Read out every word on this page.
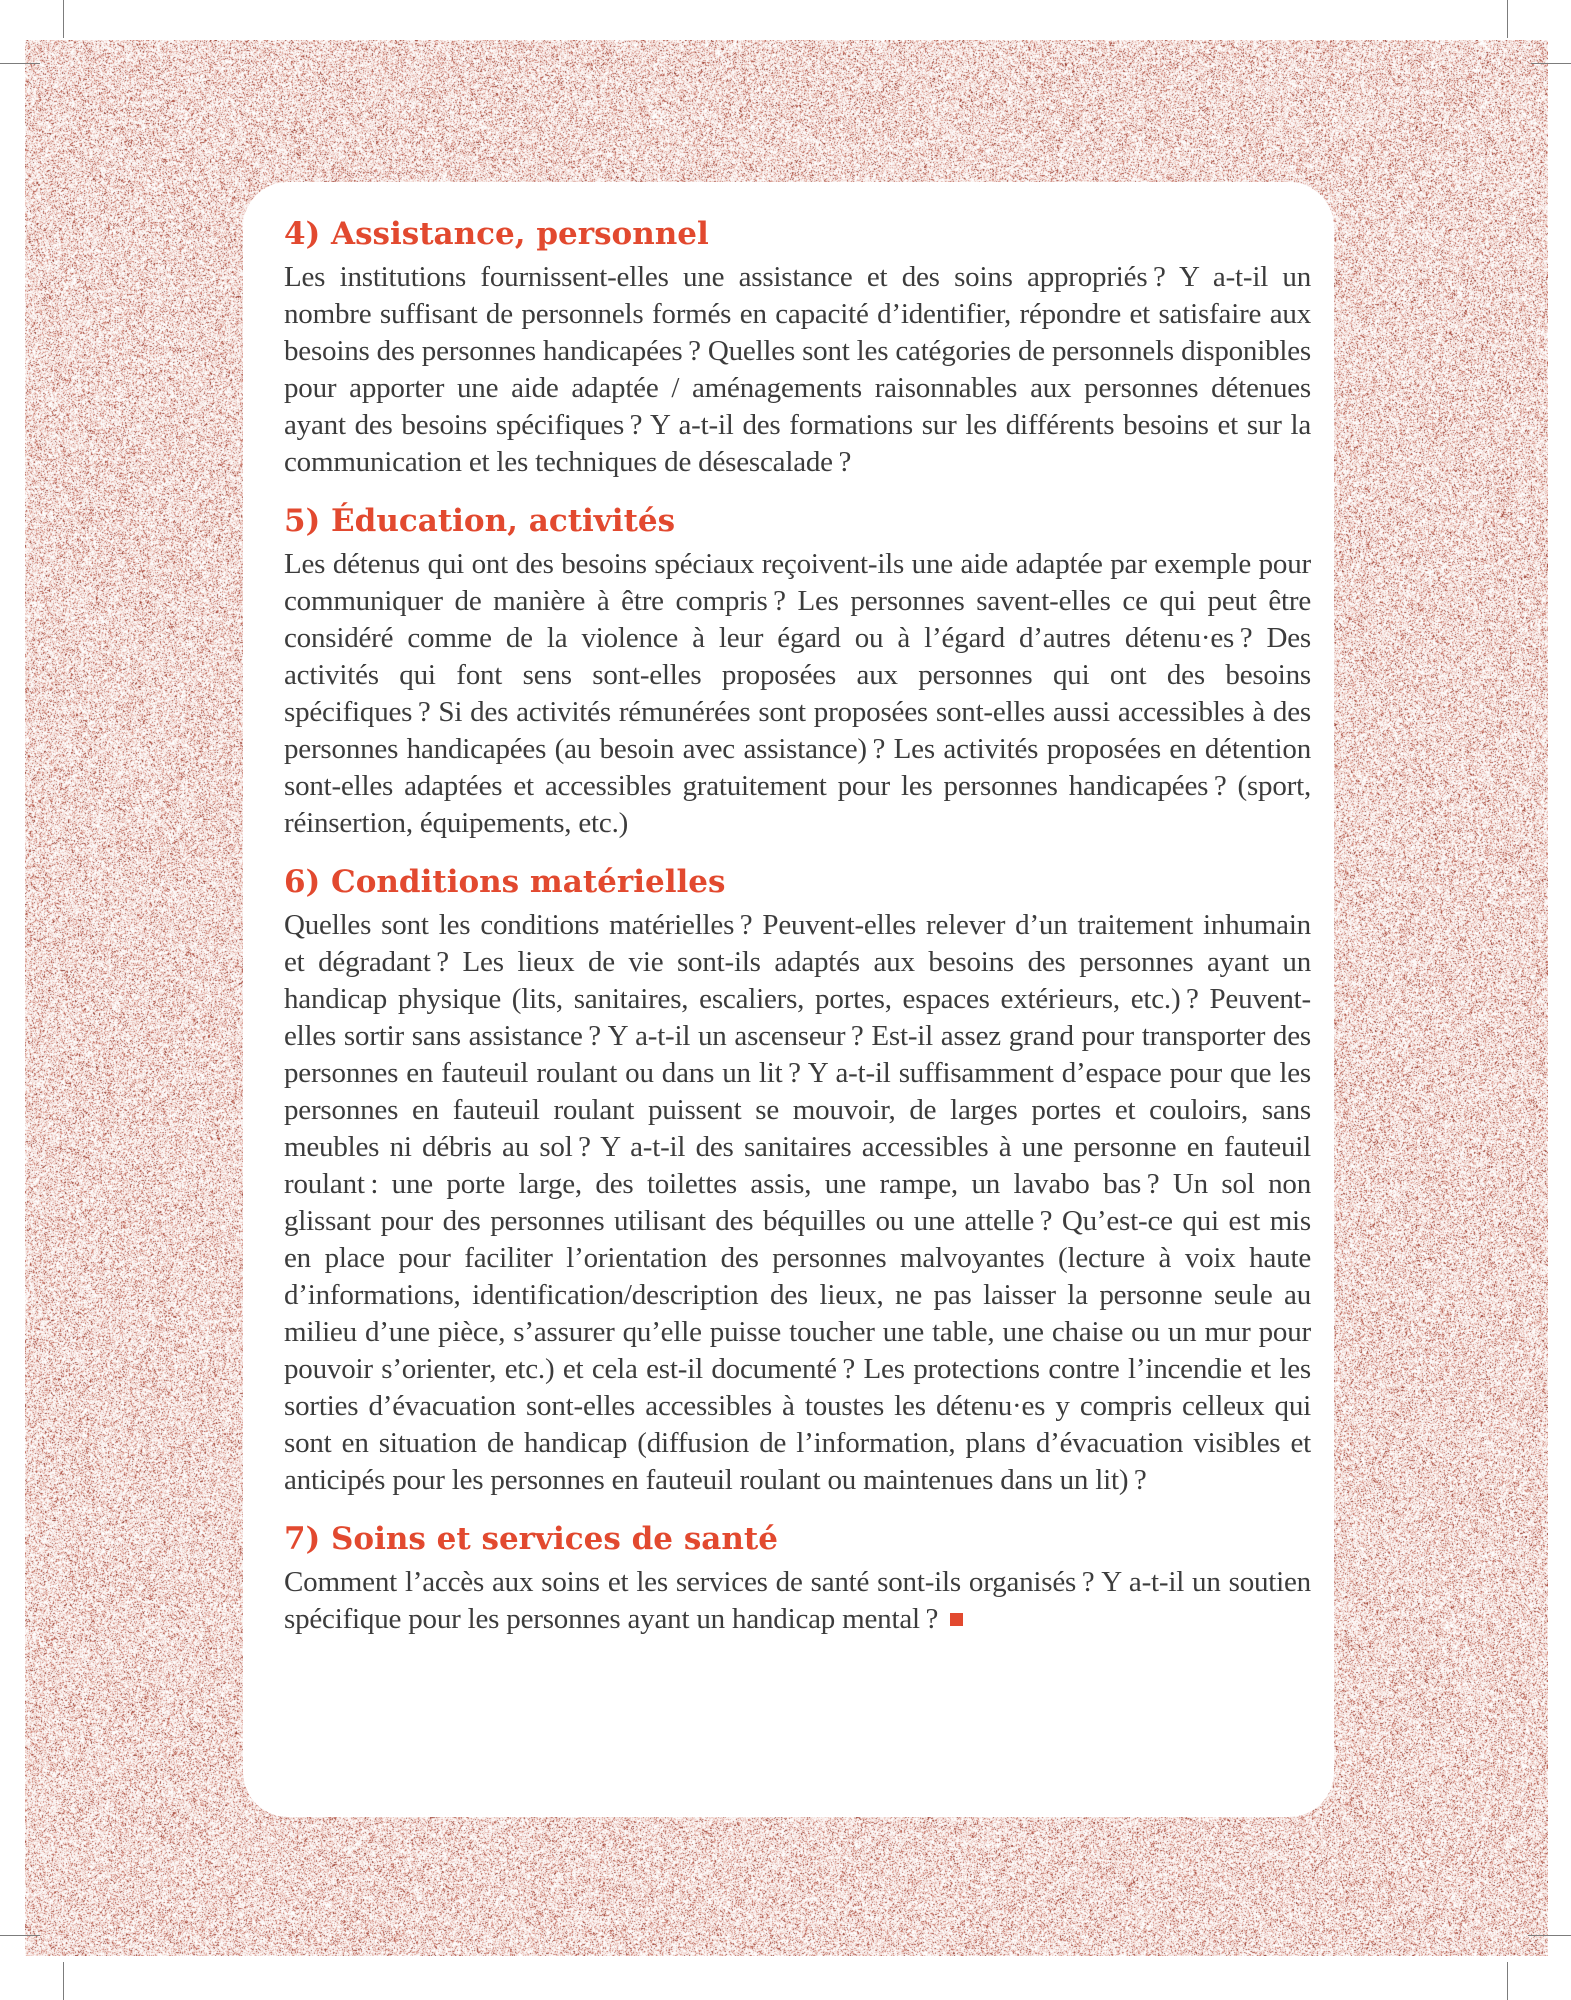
4) Assistance, personnel

Les institutions fournissent-elles une assistance et des soins appropriés ? Y a-t-il un nombre suffisant de personnels formés en capacité d’identifier, répondre et satisfaire aux besoins des personnes handicapées ? Quelles sont les catégories de personnels disponibles pour apporter une aide adaptée / aménagements raisonnables aux personnes détenues ayant des besoins spécifiques ? Y a-t-il des formations sur les différents besoins et sur la communication et les techniques de désescalade ?

5) Éducation, activités

Les détenus qui ont des besoins spéciaux reçoivent-ils une aide adaptée par exemple pour communiquer de manière à être compris ? Les personnes savent-elles ce qui peut être considéré comme de la violence à leur égard ou à l’égard d’autres détenu·es ? Des activités qui font sens sont-elles proposées aux personnes qui ont des besoins spécifiques ? Si des activités rémunérées sont proposées sont-elles aussi accessibles à des personnes handicapées (au besoin avec assistance) ? Les activités proposées en détention sont-elles adaptées et accessibles gratuitement pour les personnes handicapées ? (sport, réinsertion, équipements, etc.)

6) Conditions matérielles

Quelles sont les conditions matérielles ? Peuvent-elles relever d’un traitement inhumain et dégradant ? Les lieux de vie sont-ils adaptés aux besoins des personnes ayant un handicap physique (lits, sanitaires, escaliers, portes, espaces extérieurs, etc.) ? Peuvent-elles sortir sans assistance ? Y a-t-il un ascenseur ? Est-il assez grand pour transporter des personnes en fauteuil roulant ou dans un lit ? Y a-t-il suffisamment d’espace pour que les personnes en fauteuil roulant puissent se mouvoir, de larges portes et couloirs, sans meubles ni débris au sol ? Y a-t-il des sanitaires accessibles à une personne en fauteuil roulant : une porte large, des toilettes assis, une rampe, un lavabo bas ? Un sol non glissant pour des personnes utilisant des béquilles ou une attelle ? Qu’est-ce qui est mis en place pour faciliter l’orientation des personnes malvoyantes (lecture à voix haute d’informations, identification/description des lieux, ne pas laisser la personne seule au milieu d’une pièce, s’assurer qu’elle puisse toucher une table, une chaise ou un mur pour pouvoir s’orienter, etc.) et cela est-il documenté ? Les protections contre l’incendie et les sorties d’évacuation sont-elles accessibles à toustes les détenu·es y compris celleux qui sont en situation de handicap (diffusion de l’information, plans d’évacuation visibles et anticipés pour les personnes en fauteuil roulant ou maintenues dans un lit) ?

7) Soins et services de santé

Comment l’accès aux soins et les services de santé sont-ils organisés ? Y a-t-il un soutien spécifique pour les personnes ayant un handicap mental ?
